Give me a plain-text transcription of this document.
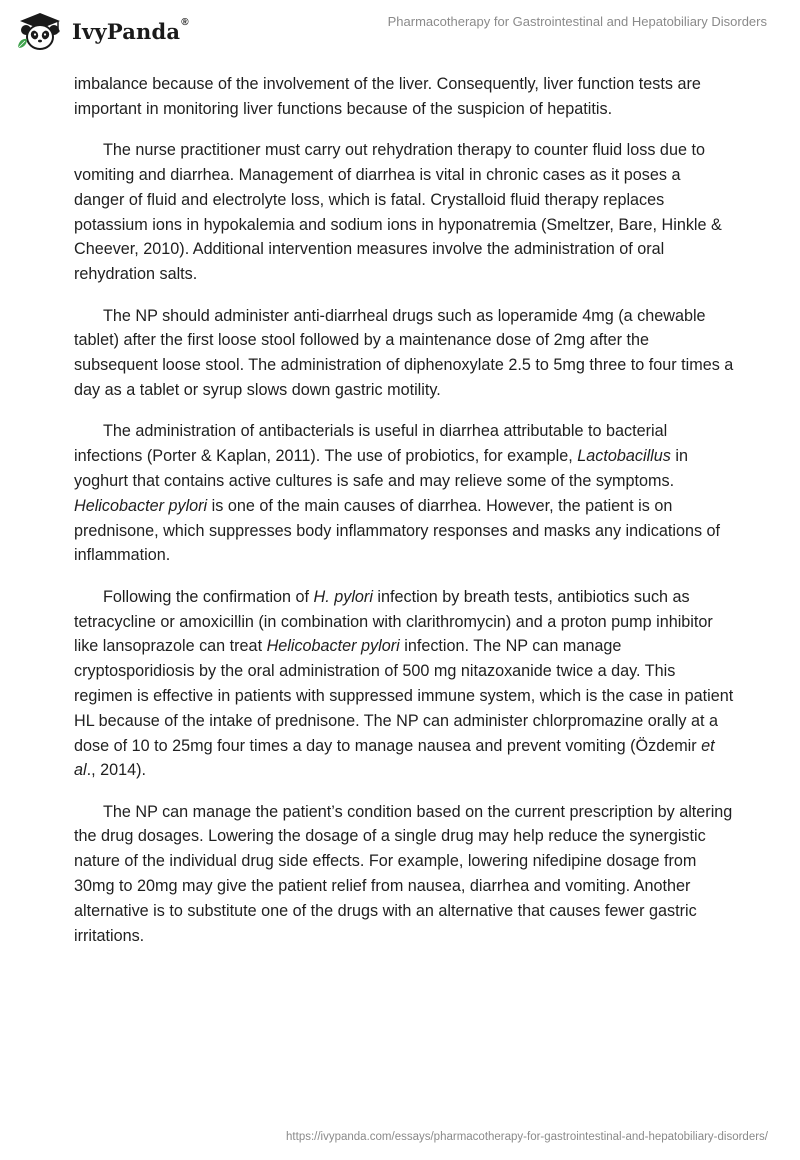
IvyPanda®	Pharmacotherapy for Gastrointestinal and Hepatobiliary Disorders

imbalance because of the involvement of the liver. Consequently, liver function tests are important in monitoring liver functions because of the suspicion of hepatitis.

The nurse practitioner must carry out rehydration therapy to counter fluid loss due to vomiting and diarrhea. Management of diarrhea is vital in chronic cases as it poses a danger of fluid and electrolyte loss, which is fatal. Crystalloid fluid therapy replaces potassium ions in hypokalemia and sodium ions in hyponatremia (Smeltzer, Bare, Hinkle & Cheever, 2010). Additional intervention measures involve the administration of oral rehydration salts.

The NP should administer anti-diarrheal drugs such as loperamide 4mg (a chewable tablet) after the first loose stool followed by a maintenance dose of 2mg after the subsequent loose stool. The administration of diphenoxylate 2.5 to 5mg three to four times a day as a tablet or syrup slows down gastric motility.

The administration of antibacterials is useful in diarrhea attributable to bacterial infections (Porter & Kaplan, 2011). The use of probiotics, for example, Lactobacillus in yoghurt that contains active cultures is safe and may relieve some of the symptoms. Helicobacter pylori is one of the main causes of diarrhea. However, the patient is on prednisone, which suppresses body inflammatory responses and masks any indications of inflammation.

Following the confirmation of H. pylori infection by breath tests, antibiotics such as tetracycline or amoxicillin (in combination with clarithromycin) and a proton pump inhibitor like lansoprazole can treat Helicobacter pylori infection. The NP can manage cryptosporidiosis by the oral administration of 500 mg nitazoxanide twice a day. This regimen is effective in patients with suppressed immune system, which is the case in patient HL because of the intake of prednisone. The NP can administer chlorpromazine orally at a dose of 10 to 25mg four times a day to manage nausea and prevent vomiting (Özdemir et al., 2014).

The NP can manage the patient’s condition based on the current prescription by altering the drug dosages. Lowering the dosage of a single drug may help reduce the synergistic nature of the individual drug side effects. For example, lowering nifedipine dosage from 30mg to 20mg may give the patient relief from nausea, diarrhea and vomiting. Another alternative is to substitute one of the drugs with an alternative that causes fewer gastric irritations.

https://ivypanda.com/essays/pharmacotherapy-for-gastrointestinal-and-hepatobiliary-disorders/
